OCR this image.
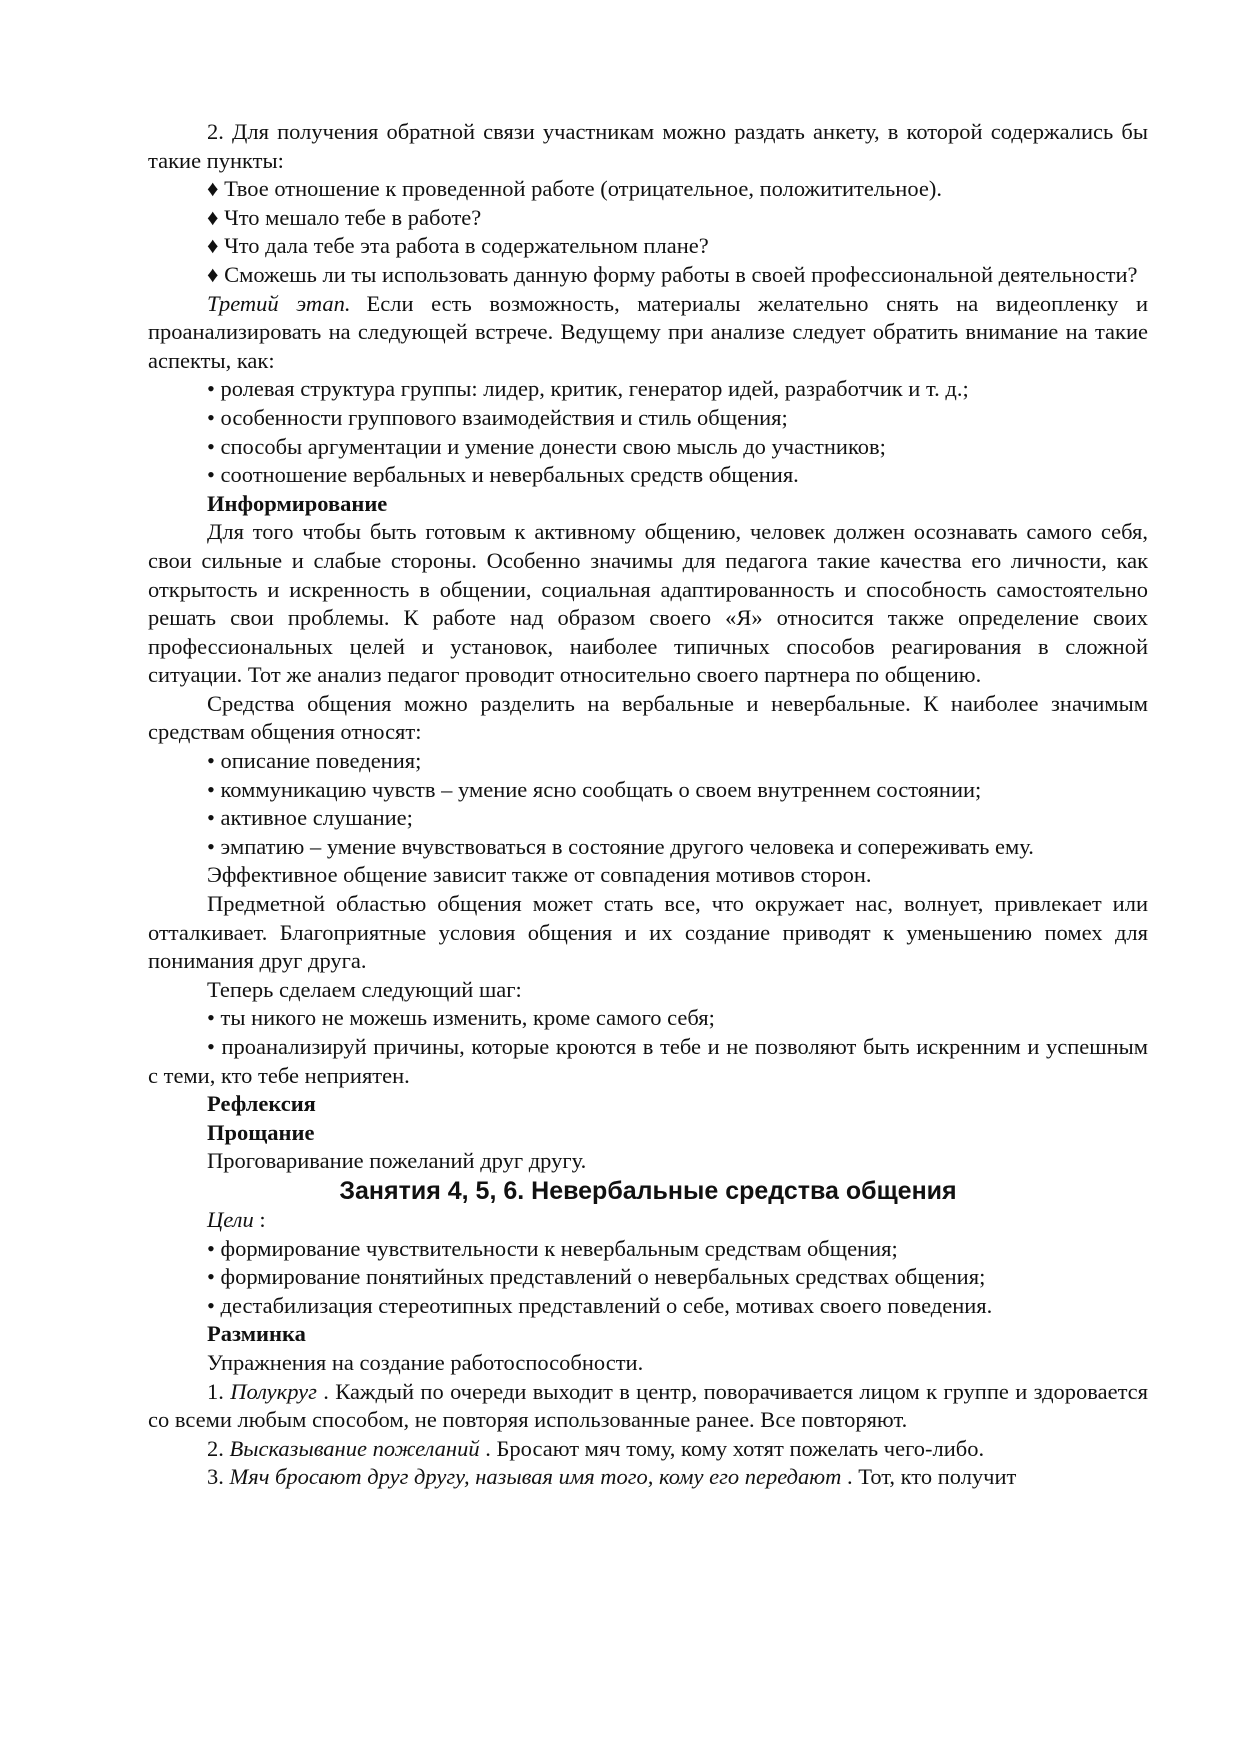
2. Для получения обратной связи участникам можно раздать анкету, в которой содержались бы такие пункты:

♦ Твое отношение к проведенной работе (отрицательное, положитительное).

♦ Что мешало тебе в работе?

♦ Что дала тебе эта работа в содержательном плане?

♦ Сможешь ли ты использовать данную форму работы в своей профессиональной деятельности?

Третий этап. Если есть возможность, материалы желательно снять на видеопленку и проанализировать на следующей встрече. Ведущему при анализе следует обратить внимание на такие аспекты, как:

• ролевая структура группы: лидер, критик, генератор идей, разработчик и т. д.;

• особенности группового взаимодействия и стиль общения;

• способы аргументации и умение донести свою мысль до участников;

• соотношение вербальных и невербальных средств общения.

Информирование

Для того чтобы быть готовым к активному общению, человек должен осознавать самого себя, свои сильные и слабые стороны. Особенно значимы для педагога такие качества его личности, как открытость и искренность в общении, социальная адаптированность и способность самостоятельно решать свои проблемы. К работе над образом своего «Я» относится также определение своих профессиональных целей и установок, наиболее типичных способов реагирования в сложной ситуации. Тот же анализ педагог проводит относительно своего партнера по общению.

Средства общения можно разделить на вербальные и невербальные. К наиболее значимым средствам общения относят:

• описание поведения;

• коммуникацию чувств – умение ясно сообщать о своем внутреннем состоянии;

• активное слушание;

• эмпатию – умение вчувствоваться в состояние другого человека и сопереживать ему.

Эффективное общение зависит также от совпадения мотивов сторон.

Предметной областью общения может стать все, что окружает нас, волнует, привлекает или отталкивает. Благоприятные условия общения и их создание приводят к уменьшению помех для понимания друг друга.

Теперь сделаем следующий шаг:

• ты никого не можешь изменить, кроме самого себя;

• проанализируй причины, которые кроются в тебе и не позволяют быть искренним и успешным с теми, кто тебе неприятен.

Рефлексия

Прощание

Проговаривание пожеланий друг другу.

Занятия 4, 5, 6. Невербальные средства общения

Цели :

• формирование чувствительности к невербальным средствам общения;

• формирование понятийных представлений о невербальных средствах общения;

• дестабилизация стереотипных представлений о себе, мотивах своего поведения.

Разминка

Упражнения на создание работоспособности.

1. Полукруг . Каждый по очереди выходит в центр, поворачивается лицом к группе и здоровается со всеми любым способом, не повторяя использованные ранее. Все повторяют.

2. Высказывание пожеланий . Бросают мяч тому, кому хотят пожелать чего-либо.

3. Мяч бросают друг другу, называя имя того, кому его передают . Тот, кто получит
